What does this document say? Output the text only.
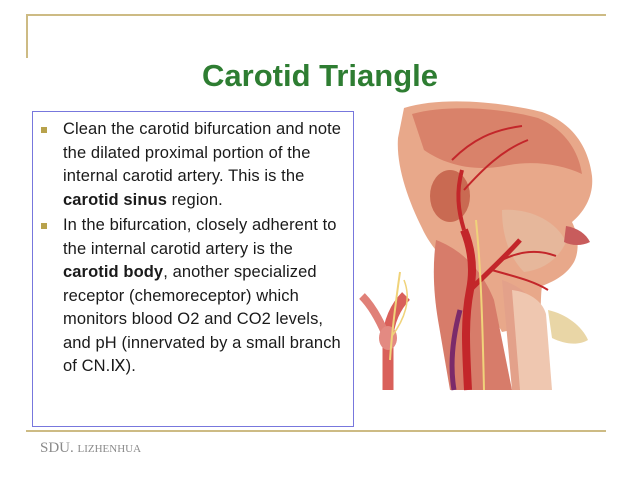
Carotid Triangle

Clean the carotid bifurcation and note the dilated proximal portion of the internal carotid artery. This is the carotid sinus region.

In the bifurcation, closely adherent to the internal carotid artery is the carotid body, another specialized receptor (chemoreceptor) which monitors blood O2 and CO2 levels, and pH (innervated by a small branch of CN.Ⅸ).

SDU. LIZHENHUA
